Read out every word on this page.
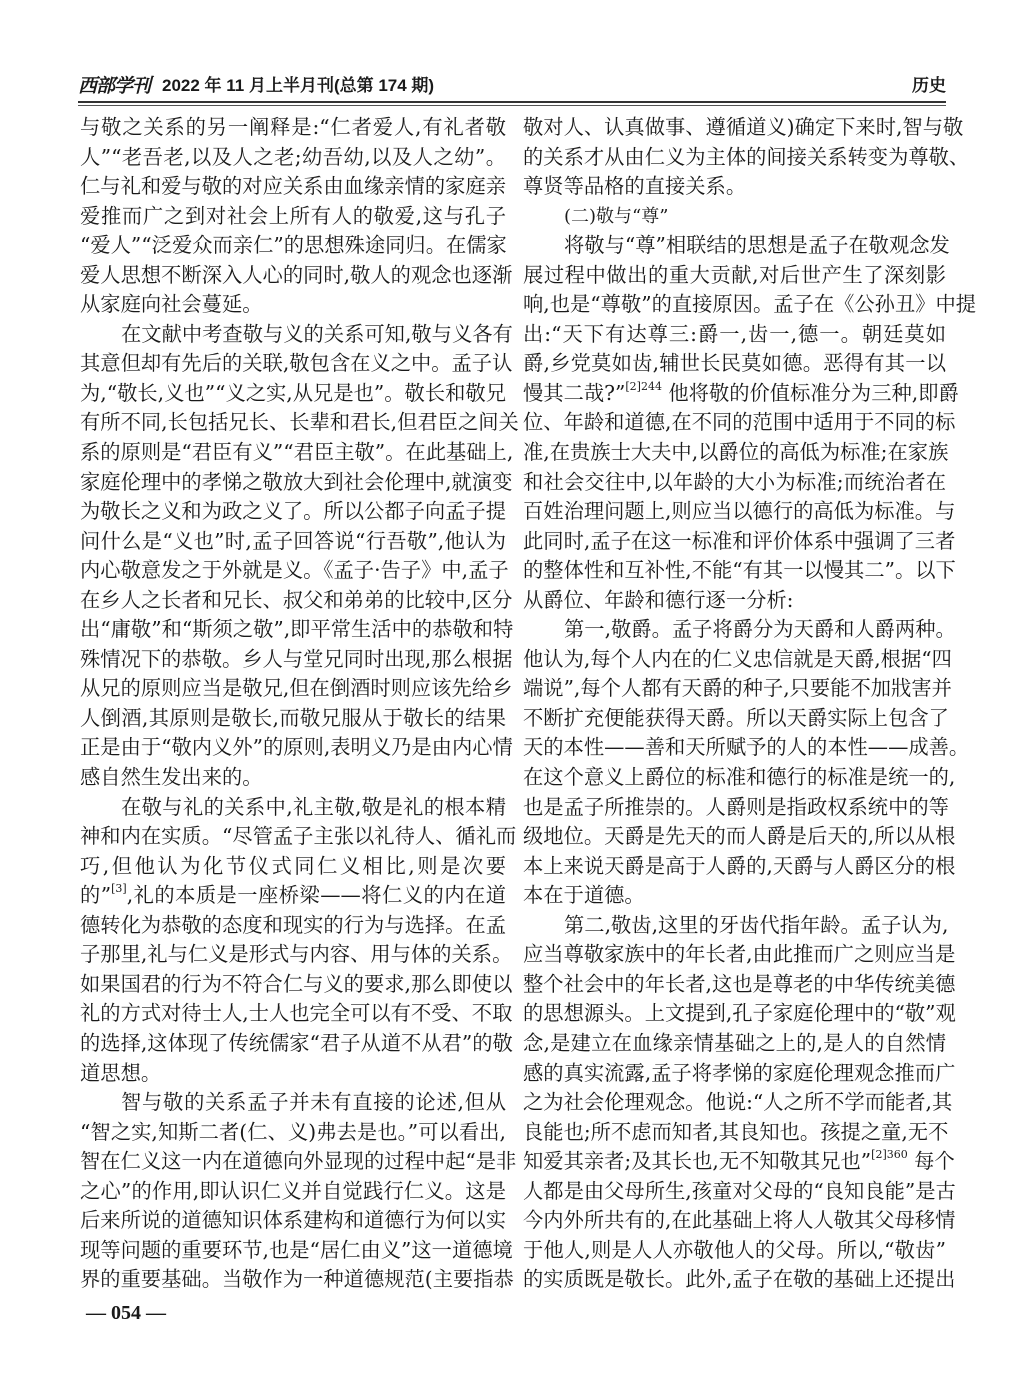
西部学刊 2022 年 11 月上半月刊(总第 174 期)	历史
与敬之关系的另一阐释是:“仁者爱人,有礼者敬
人”“老吾老,以及人之老;幼吾幼,以及人之幼”。
仁与礼和爱与敬的对应关系由血缘亲情的家庭亲
爱推而广之到对社会上所有人的敬爱,这与孔子
“爱人”“泛爱众而亲仁”的思想殊途同归。在儒家
爱人思想不断深入人心的同时,敬人的观念也逐渐
从家庭向社会蔓延。
在文献中考查敬与义的关系可知,敬与义各有
其意但却有先后的关联,敬包含在义之中。孟子认
为,“敬长,义也”“义之实,从兄是也”。敬长和敬兄
有所不同,长包括兄长、长辈和君长,但君臣之间关
系的原则是“君臣有义”“君臣主敬”。在此基础上,
家庭伦理中的孝悌之敬放大到社会伦理中,就演变
为敬长之义和为政之义了。所以公都子向孟子提
问什么是“义也”时,孟子回答说“行吾敬”,他认为
内心敬意发之于外就是义。《孟子·告子》中,孟子
在乡人之长者和兄长、叔父和弟弟的比较中,区分
出“庸敬”和“斯须之敬”,即平常生活中的恭敬和特
殊情况下的恭敬。乡人与堂兄同时出现,那么根据
从兄的原则应当是敬兄,但在倒酒时则应该先给乡
人倒酒,其原则是敬长,而敬兄服从于敬长的结果
正是由于“敬内义外”的原则,表明义乃是由内心情
感自然生发出来的。
在敬与礼的关系中,礼主敬,敬是礼的根本精
神和内在实质。“尽管孟子主张以礼待人、循礼而
巧,但他认为化节仪式同仁义相比,则是次要
的”[3],礼的本质是一座桥梁——将仁义的内在道
德转化为恭敬的态度和现实的行为与选择。在孟
子那里,礼与仁义是形式与内容、用与体的关系。
如果国君的行为不符合仁与义的要求,那么即使以
礼的方式对待士人,士人也完全可以有不受、不取
的选择,这体现了传统儒家“君子从道不从君”的敬
道思想。
智与敬的关系孟子并未有直接的论述,但从
“智之实,知斯二者(仁、义)弗去是也。”可以看出,
智在仁义这一内在道德向外显现的过程中起“是非
之心”的作用,即认识仁义并自觉践行仁义。这是
后来所说的道德知识体系建构和道德行为何以实
现等问题的重要环节,也是“居仁由义”这一道德境
界的重要基础。当敬作为一种道德规范(主要指恭
敬对人、认真做事、遵循道义)确定下来时,智与敬
的关系才从由仁义为主体的间接关系转变为尊敬、
尊贤等品格的直接关系。
(二)敬与“尊”
将敬与“尊”相联结的思想是孟子在敬观念发
展过程中做出的重大贡献,对后世产生了深刻影
响,也是“尊敬”的直接原因。孟子在《公孙丑》中提
出:“天下有达尊三:爵一,齿一,德一。朝廷莫如
爵,乡党莫如齿,辅世长民莫如德。恶得有其一以
慢其二哉?”$^{[2]244}$ 他将敬的价值标准分为三种,即爵
位、年龄和道德,在不同的范围中适用于不同的标
准,在贵族士大夫中,以爵位的高低为标准;在家族
和社会交往中,以年龄的大小为标准;而统治者在
百姓治理问题上,则应当以德行的高低为标准。与
此同时,孟子在这一标准和评价体系中强调了三者
的整体性和互补性,不能“有其一以慢其二”。以下
从爵位、年龄和德行逐一分析:
第一,敬爵。孟子将爵分为天爵和人爵两种。
他认为,每个人内在的仁义忠信就是天爵,根据“四
端说”,每个人都有天爵的种子,只要能不加戕害并
不断扩充便能获得天爵。所以天爵实际上包含了
天的本性——善和天所赋予的人的本性——成善。
在这个意义上爵位的标准和德行的标准是统一的,
也是孟子所推崇的。人爵则是指政权系统中的等
级地位。天爵是先天的而人爵是后天的,所以从根
本上来说天爵是高于人爵的,天爵与人爵区分的根
本在于道德。
第二,敬齿,这里的牙齿代指年龄。孟子认为,
应当尊敬家族中的年长者,由此推而广之则应当是
整个社会中的年长者,这也是尊老的中华传统美德
的思想源头。上文提到,孔子家庭伦理中的“敬”观
念,是建立在血缘亲情基础之上的,是人的自然情
感的真实流露,孟子将孝悌的家庭伦理观念推而广
之为社会伦理观念。他说:“人之所不学而能者,其
良能也;所不虑而知者,其良知也。孩提之童,无不
知爱其亲者;及其长也,无不知敬其兄也”$^{[2]360}$ 每个
人都是由父母所生,孩童对父母的“良知良能”是古
今内外所共有的,在此基础上将人人敬其父母移情
于他人,则是人人亦敬他人的父母。所以,“敬齿”
的实质既是敬长。此外,孟子在敬的基础上还提出
— 054 —
